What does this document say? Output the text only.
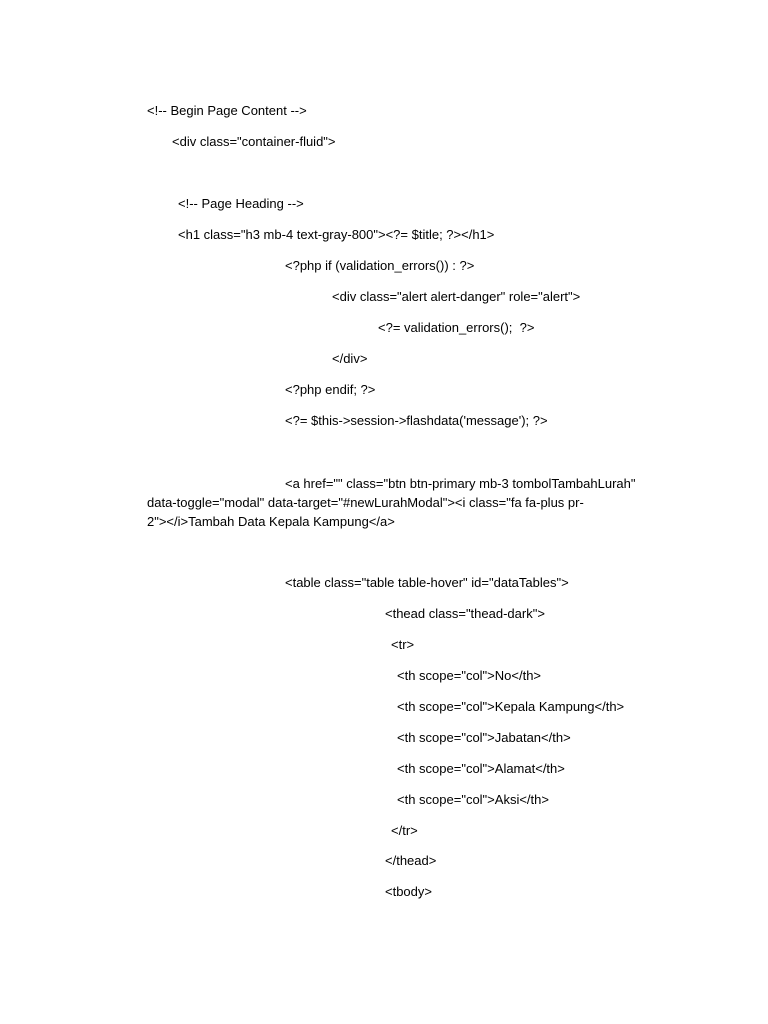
<!-- Begin Page Content -->

<div class="container-fluid">

<!-- Page Heading -->

<h1 class="h3 mb-4 text-gray-800"><?= $title; ?></h1>

<?php if (validation_errors()) : ?>

<div class="alert alert-danger" role="alert">

<?= validation_errors();  ?>

</div>

<?php endif; ?>

<?= $this->session->flashdata('message'); ?>

<a href="" class="btn btn-primary mb-3 tombolTambahLurah"
data-toggle="modal" data-target="#newLurahModal"><i class="fa fa-plus pr-
2"></i>Tambah Data Kepala Kampung</a>

<table class="table table-hover" id="dataTables">

<thead class="thead-dark">

<tr>

<th scope="col">No</th>

<th scope="col">Kepala Kampung</th>

<th scope="col">Jabatan</th>

<th scope="col">Alamat</th>

<th scope="col">Aksi</th>

</tr>

</thead>

<tbody>
